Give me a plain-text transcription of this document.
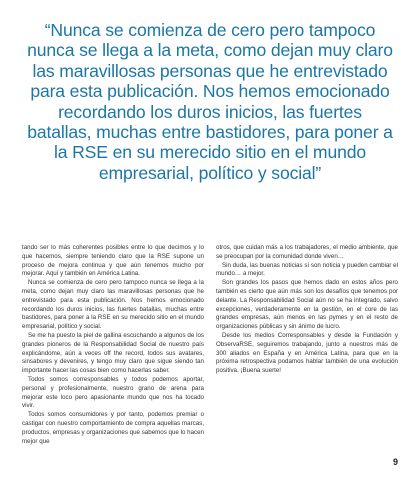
“Nunca se comienza de cero pero tampoco nunca se llega a la meta, como dejan muy claro las maravillosas personas que he entrevistado para esta publicación. Nos hemos emocionado recordando los duros inicios, las fuertes batallas, muchas entre bastidores, para poner a la RSE en su merecido sitio en el mundo empresarial, político y social”

tando ser lo más coherentes posibles entre lo que decimos y lo que hacemos, siempre teniendo claro que la RSE supone un proceso de mejora continua y que aún tenemos mucho por mejorar. Aquí y también en América Latina.

Nunca se comienza de cero pero tampoco nunca se llega a la meta, como dejan muy claro las maravillosas personas que he entrevistado para esta publicación. Nos hemos emocionado recordando los duros inicios, las fuertes batallas, muchas entre bastidores, para poner a la RSE en su merecido sitio en el mundo empresarial, político y social.

Se me ha puesto la piel de gallina escuchando a algunos de los grandes pioneros de la Responsabilidad Social de nuestro país explicándome, aún a veces off the record, todos sus avatares, sinsabores y devenires, y tengo muy claro que sigue siendo tan importante hacer las cosas bien como hacerlas saber.

Todos somos corresponsables y todos podemos aportar, personal y profesionalmente, nuestro grano de arena para mejorar este loco pero apasionante mundo que nos ha tocado vivir.

Todos somos consumidores y por tanto, podemos premiar o castigar con nuestro comportamiento de compra aquellas marcas, productos, empresas y organizaciones que sabemos que lo hacen mejor que

otros, que cuidan más a los trabajadores, el medio ambiente, que se preocupan por la comunidad donde viven…

Sin duda, las buenas noticias sí son noticia y pueden cambiar el mundo… a mejor.

Son grandes los pasos que hemos dado en estos años pero también es cierto que aún más son los desafíos que tenemos por delante. La Responsabilidad Social aún no se ha integrado, salvo excepciones, verdaderamente en la gestión, en el core de las grandes empresas, aún menos en las pymes y en el resto de organizaciones públicas y sin ánimo de lucro.

Desde los medios Corresponsables y desde la Fundación y ObservaRSE, seguiremos trabajando, junto a nuestros más de 300 aliados en España y en América Latina, para que en la próxima retrospectiva podamos hablar también de una evolución positiva. ¡Buena suerte!

9
